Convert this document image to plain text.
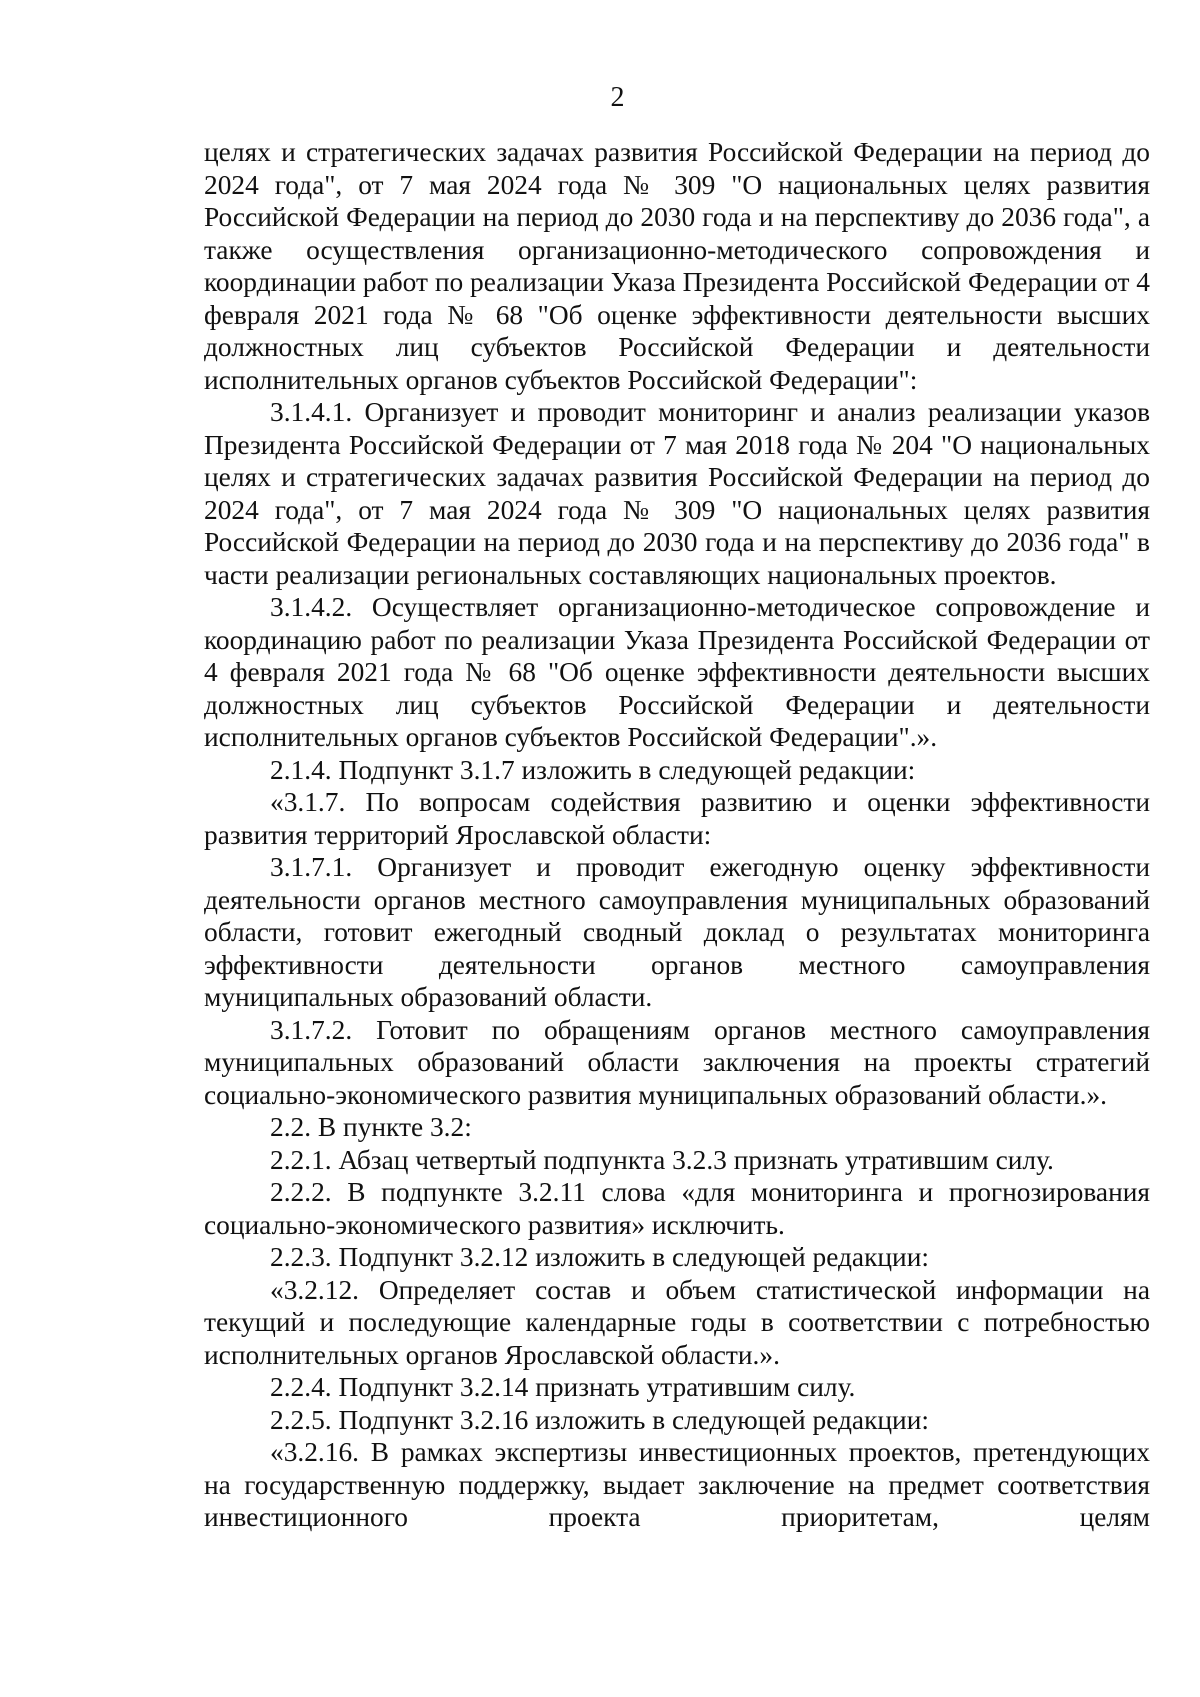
2

целях и стратегических задачах развития Российской Федерации на период до 2024 года", от 7 мая 2024 года № 309 "О национальных целях развития Российской Федерации на период до 2030 года и на перспективу до 2036 года", а также осуществления организационно-методического сопровождения и координации работ по реализации Указа Президента Российской Федерации от 4 февраля 2021 года № 68 "Об оценке эффективности деятельности высших должностных лиц субъектов Российской Федерации и деятельности исполнительных органов субъектов Российской Федерации":

3.1.4.1. Организует и проводит мониторинг и анализ реализации указов Президента Российской Федерации от 7 мая 2018 года № 204 "О национальных целях и стратегических задачах развития Российской Федерации на период до 2024 года", от 7 мая 2024 года № 309 "О национальных целях развития Российской Федерации на период до 2030 года и на перспективу до 2036 года" в части реализации региональных составляющих национальных проектов.

3.1.4.2. Осуществляет организационно-методическое сопровождение и координацию работ по реализации Указа Президента Российской Федерации от 4 февраля 2021 года № 68 "Об оценке эффективности деятельности высших должностных лиц субъектов Российской Федерации и деятельности исполнительных органов субъектов Российской Федерации".».

2.1.4. Подпункт 3.1.7 изложить в следующей редакции:

«3.1.7. По вопросам содействия развитию и оценки эффективности развития территорий Ярославской области:

3.1.7.1. Организует и проводит ежегодную оценку эффективности деятельности органов местного самоуправления муниципальных образований области, готовит ежегодный сводный доклад о результатах мониторинга эффективности деятельности органов местного самоуправления муниципальных образований области.

3.1.7.2. Готовит по обращениям органов местного самоуправления муниципальных образований области заключения на проекты стратегий социально-экономического развития муниципальных образований области.».

2.2. В пункте 3.2:

2.2.1. Абзац четвертый подпункта 3.2.3 признать утратившим силу.

2.2.2. В подпункте 3.2.11 слова «для мониторинга и прогнозирования социально-экономического развития» исключить.

2.2.3. Подпункт 3.2.12 изложить в следующей редакции:

«3.2.12. Определяет состав и объем статистической информации на текущий и последующие календарные годы в соответствии с потребностью исполнительных органов Ярославской области.».

2.2.4. Подпункт 3.2.14 признать утратившим силу.

2.2.5. Подпункт 3.2.16 изложить в следующей редакции:

«3.2.16. В рамках экспертизы инвестиционных проектов, претендующих на государственную поддержку, выдает заключение на предмет соответствия инвестиционного проекта приоритетам, целям
